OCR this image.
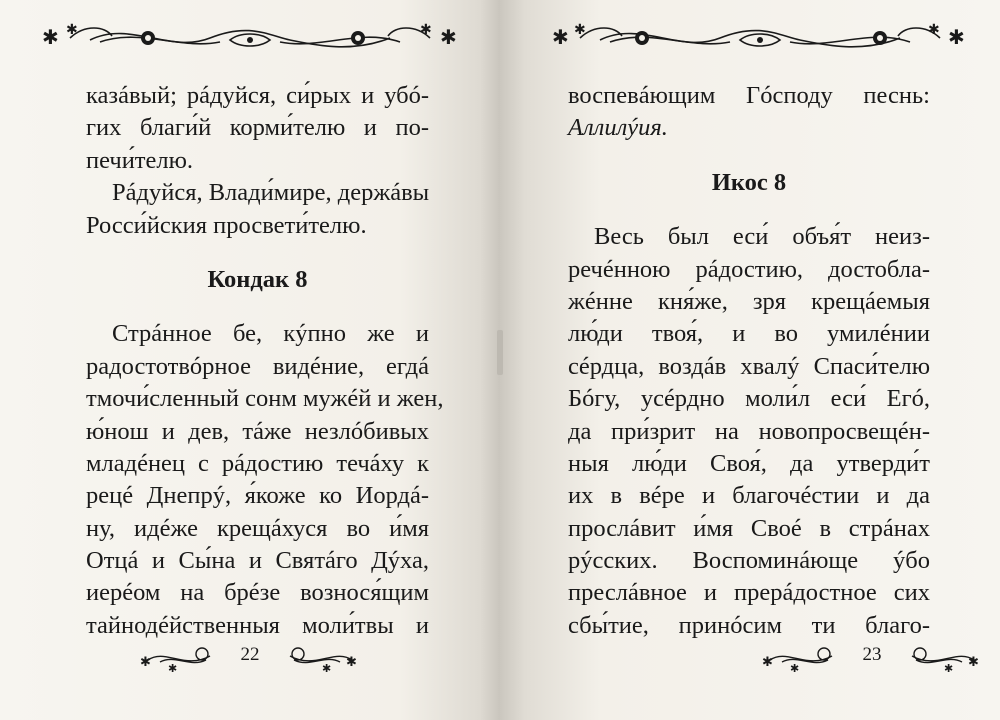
✱ ✱	✱
✱
казáвый; рáдуйся, си́рых и убó-
гих благи́й корми́телю и по-
печи́телю.
Рáдуйся, Влади́мире, держáвы
Росси́йския просвети́телю.
Кондак 8
Стрáнное бе, кýпно же и
радостотвóрное видéние, егдá
тмочи́сленный сонм мужéй и жен,
ю́нош и дев, тáже незлóбивых
младéнец с рáдостию течáху к
рецé Днепрý, я́коже ко Иордá-
ну, идéже крещáхуся во и́мя
Отцá и Сы́на и Святáго Дýха,
иерéом на брéзе вознося́щим
тайнодéйственныя моли́твы и
✱ ✱
22	✱
✱
✱ ✱	✱
✱
воспевáющим Гóсподу песнь:
Аллилýия.
Икос 8
Весь был еси́ объя́т неиз-
речéнною рáдостию, достобла-
жéнне кня́же, зря крещáемыя
лю́ди твоя́, и во умилéнии
сéрдца, воздáв хвалý Спаси́телю
Бóгу, усéрдно моли́л еси́ Егó,
да при́зрит на новопросвещéн-
ныя лю́ди Своя́, да утверди́т
их в вéре и благочéстии и да
прослáвит и́мя Своé в стрáнах
рýсских. Воспоминáюще ýбо
преслáвное и прерáдостное сих
сбы́тие, принóсим ти благо-
✱ ✱
23	✱
✱
